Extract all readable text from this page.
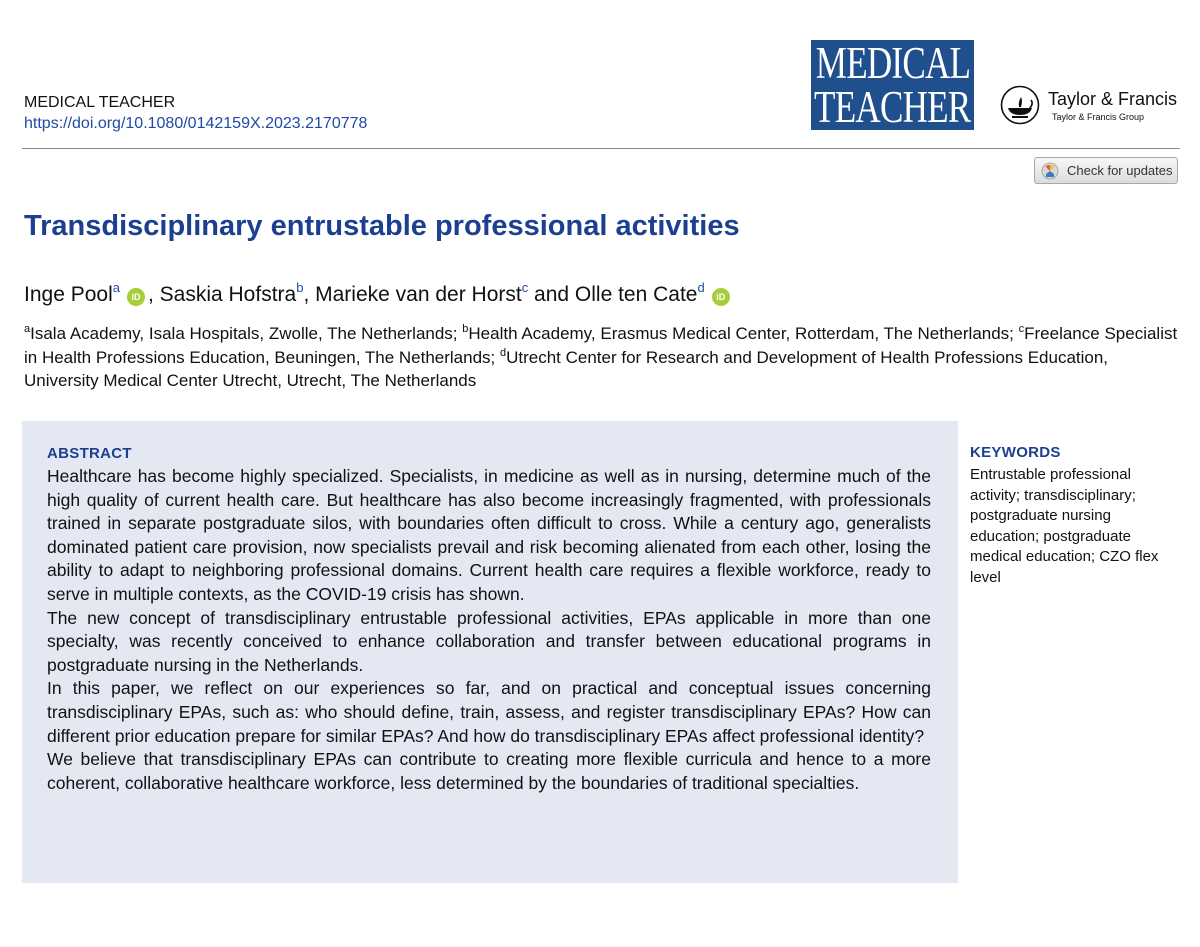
MEDICAL TEACHER
https://doi.org/10.1080/0142159X.2023.2170778
MEDICAL
TEACHER	Taylor & Francis
Taylor & Francis Group
Check for updates
Transdisciplinary entrustable professional activities
Inge Pool$^a$iD , Saskia Hofstra$^b$, Marieke van der Horst$^c$ and Olle ten Cate$^d$iD
$^a$Isala Academy, Isala Hospitals, Zwolle, The Netherlands; $^b$Health Academy, Erasmus Medical Center, Rotterdam, The Netherlands; $^c$Freelance Specialist in Health Professions Education, Beuningen, The Netherlands; $^d$Utrecht Center for Research and Development of Health Professions Education, University Medical Center Utrecht, Utrecht, The Netherlands
ABSTRACT

Healthcare has become highly specialized. Specialists, in medicine as well as in nursing, determine much of the high quality of current health care. But healthcare has also become increasingly fragmented, with professionals trained in separate postgraduate silos, with boundaries often difficult to cross. While a century ago, generalists dominated patient care provision, now specialists prevail and risk becoming alienated from each other, losing the ability to adapt to neighboring professional domains. Current health care requires a flexible workforce, ready to serve in multiple contexts, as the COVID-19 crisis has shown.

The new concept of transdisciplinary entrustable professional activities, EPAs applicable in more than one specialty, was recently conceived to enhance collaboration and transfer between educational programs in postgraduate nursing in the Netherlands.

In this paper, we reflect on our experiences so far, and on practical and conceptual issues concerning transdisciplinary EPAs, such as: who should define, train, assess, and register transdisciplinary EPAs? How can different prior education prepare for similar EPAs? And how do transdisciplinary EPAs affect professional identity?

We believe that transdisciplinary EPAs can contribute to creating more flexible curricula and hence to a more coherent, collaborative healthcare workforce, less determined by the boundaries of traditional specialties.

KEYWORDS
Entrustable professional activity; transdisciplinary; postgraduate nursing education; postgraduate medical education; CZO flex level
